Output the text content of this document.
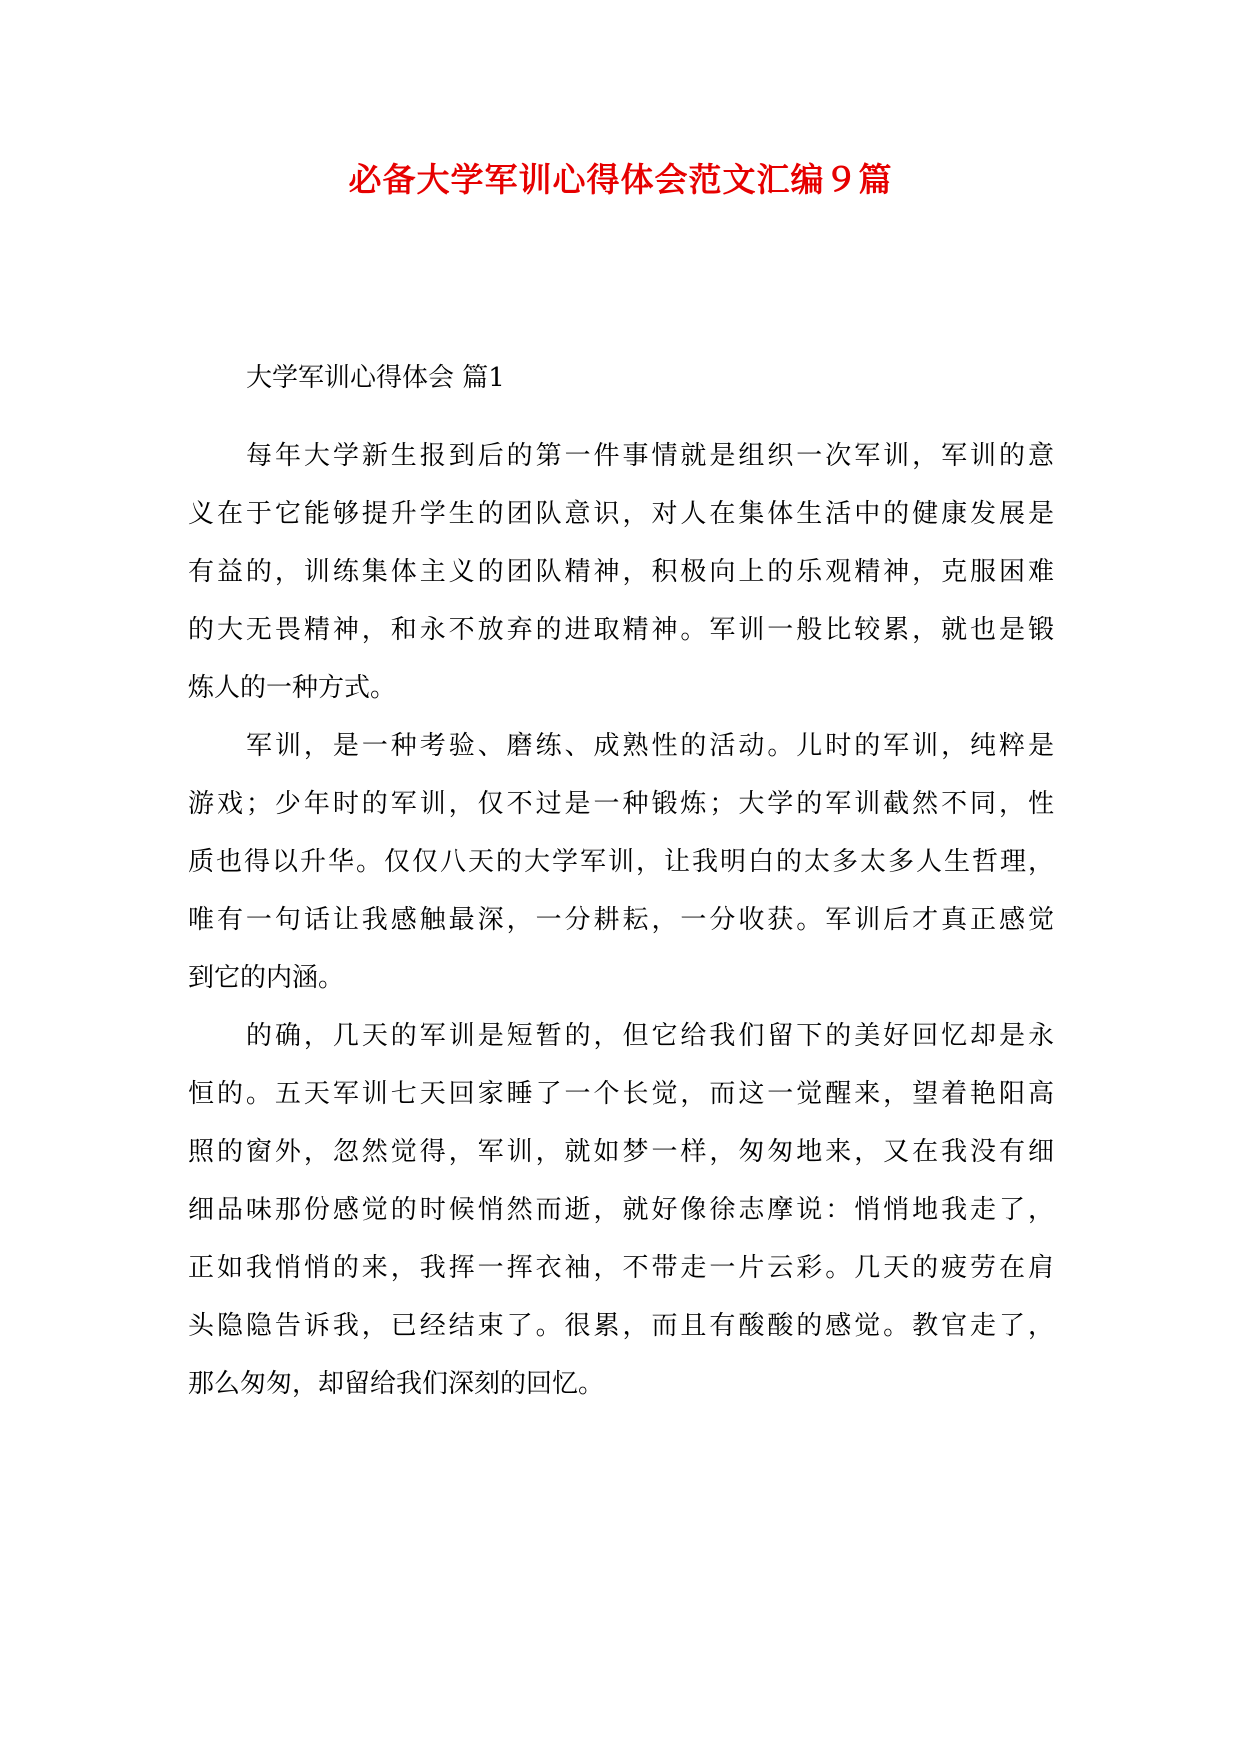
必备大学军训心得体会范文汇编９篇
大学军训心得体会 篇1
每年大学新生报到后的第一件事情就是组织一次军训，军训的意
义在于它能够提升学生的团队意识，对人在集体生活中的健康发展是
有益的，训练集体主义的团队精神，积极向上的乐观精神，克服困难
的大无畏精神，和永不放弃的进取精神。军训一般比较累，就也是锻
炼人的一种方式。
军训，是一种考验、磨练、成熟性的活动。儿时的军训，纯粹是
游戏；少年时的军训，仅不过是一种锻炼；大学的军训截然不同，性
质也得以升华。仅仅八天的大学军训，让我明白的太多太多人生哲理，
唯有一句话让我感触最深，一分耕耘，一分收获。军训后才真正感觉
到它的内涵。
的确，几天的军训是短暂的，但它给我们留下的美好回忆却是永
恒的。五天军训七天回家睡了一个长觉，而这一觉醒来，望着艳阳高
照的窗外，忽然觉得，军训，就如梦一样，匆匆地来，又在我没有细
细品味那份感觉的时候悄然而逝，就好像徐志摩说：悄悄地我走了，
正如我悄悄的来，我挥一挥衣袖，不带走一片云彩。几天的疲劳在肩
头隐隐告诉我，已经结束了。很累，而且有酸酸的感觉。教官走了，
那么匆匆，却留给我们深刻的回忆。
